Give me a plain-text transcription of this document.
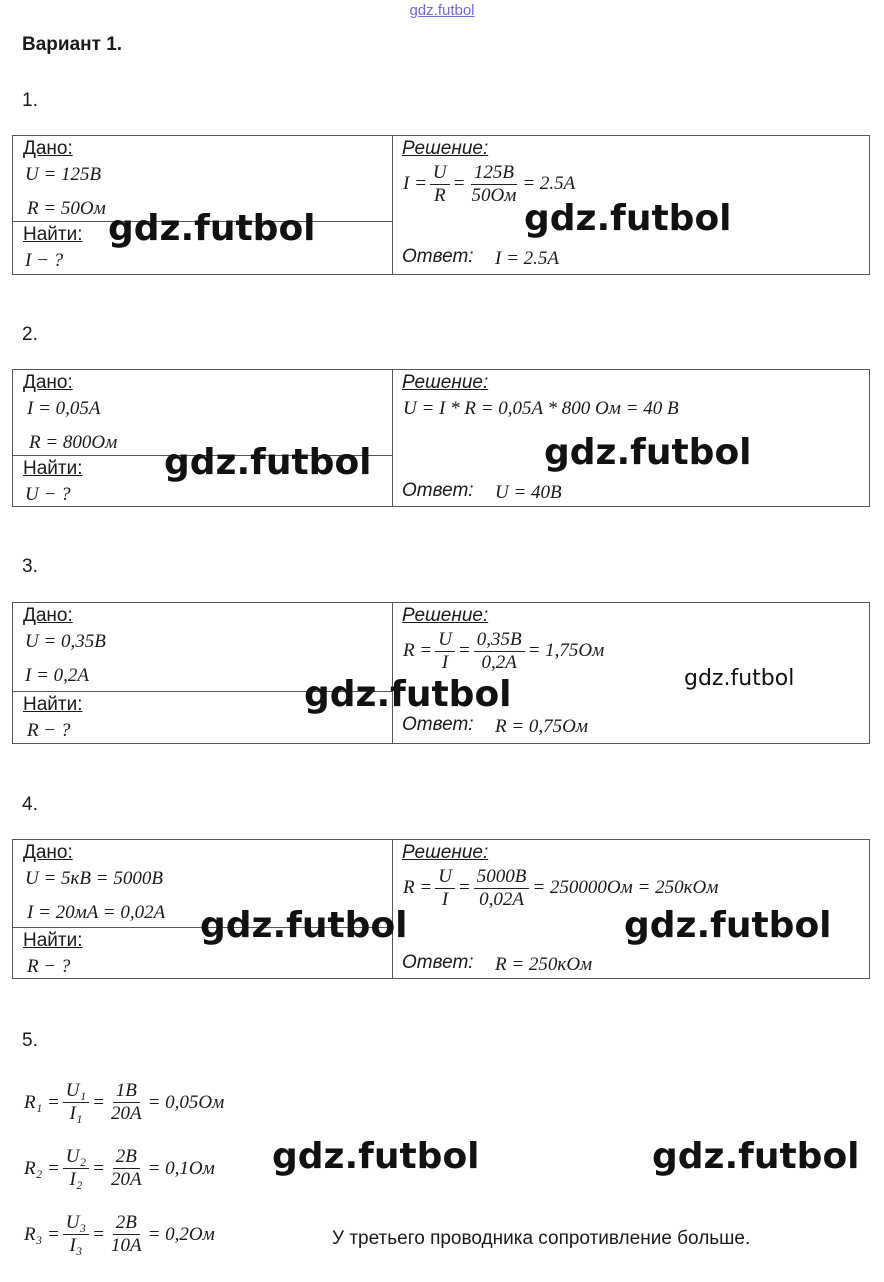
gdz.futbol
Вариант 1.
1.
Дано:
U = 125B
R = 50Ом
Найти:
I − ?
Решение:
$I = \frac{U}{R} = \frac{125B}{50Ом} = 2.5A$
Ответ: I = 2.5A
gdz.futbol	gdz.futbol
2.
Дано:
I = 0,05A
R = 800Ом
Найти:
U − ?
Решение:
U = I * R = 0,05A * 800 Ом = 40 В
Ответ: U = 40B
gdz.futbol	gdz.futbol
3.
Дано:
U = 0,35B
I = 0,2A
Найти:
R − ?
Решение:
$R = \frac{U}{I} = \frac{0,35B}{0,2A} = 1,75Ом$
Ответ: R = 0,75Ом
gdz.futbol	gdz.futbol
4.
Дано:
U = 5кB = 5000B
I = 20мA = 0,02A
Найти:
R − ?
Решение:
$R = \frac{U}{I} = \frac{5000B}{0,02A} = 250000Ом = 250кОм$
Ответ: R = 250кОм
gdz.futbol	gdz.futbol
5.
$R_1 = \frac{\text{U₁}}{\text{I₁}} = \frac{1B}{20A} = 0,05Ом$
$R_2 = \frac{\text{U₂}}{\text{I₂}} = \frac{2B}{20A} = 0,1Ом$
$R_3 = \frac{\text{U₃}}{\text{I₃}} = \frac{2B}{10A} = 0,2Ом$
gdz.futbol	gdz.futbol
У третьего проводника сопротивление больше.
